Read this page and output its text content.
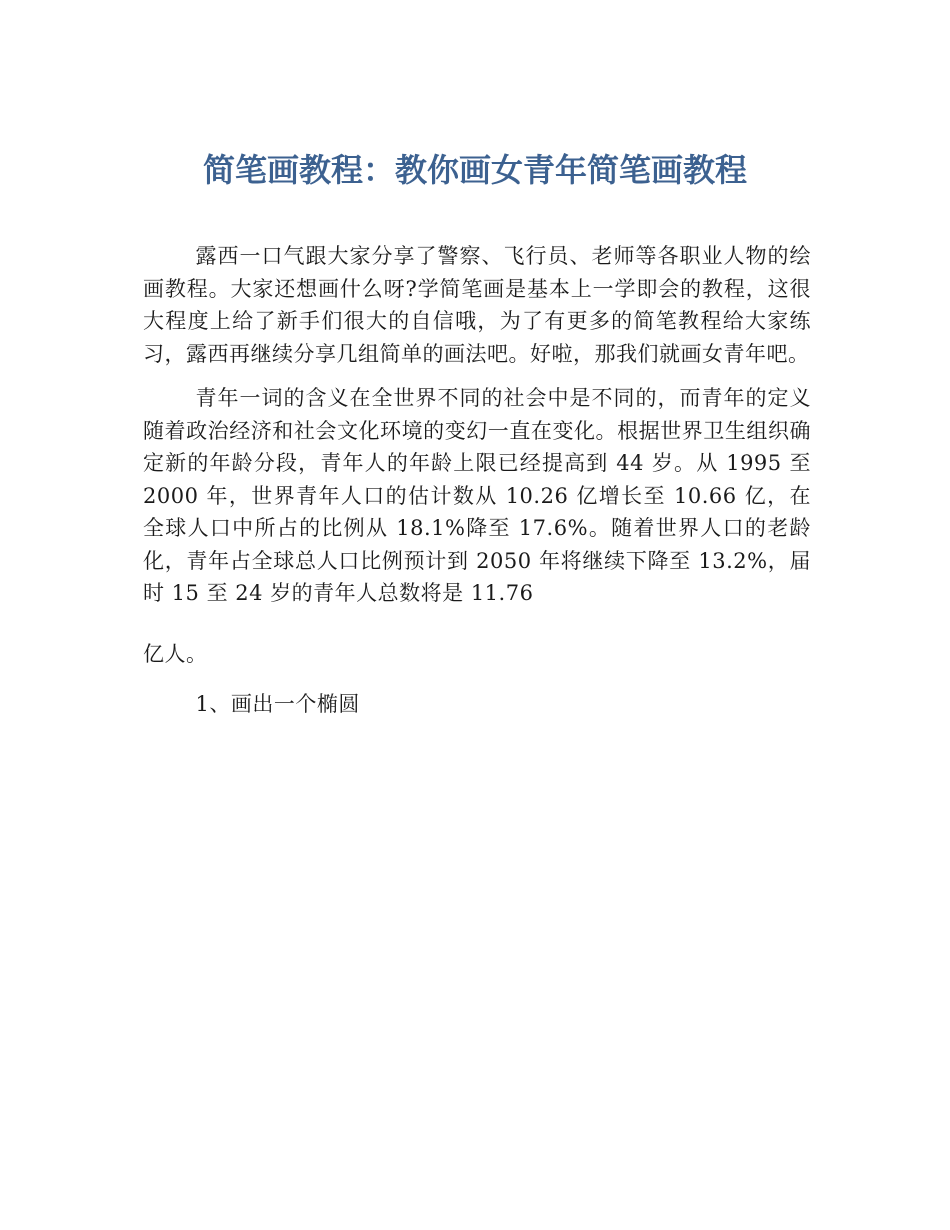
简笔画教程：教你画女青年简笔画教程

露西一口气跟大家分享了警察、飞行员、老师等各职业人物的绘画教程。大家还想画什么呀?学简笔画是基本上一学即会的教程，这很大程度上给了新手们很大的自信哦，为了有更多的简笔教程给大家练习，露西再继续分享几组简单的画法吧。好啦，那我们就画女青年吧。

青年一词的含义在全世界不同的社会中是不同的，而青年的定义随着政治经济和社会文化环境的变幻一直在变化。根据世界卫生组织确定新的年龄分段，青年人的年龄上限已经提高到 44 岁。从 1995 至 2000 年，世界青年人口的估计数从 10.26 亿增长至 10.66 亿，在全球人口中所占的比例从 18.1%降至 17.6%。随着世界人口的老龄化，青年占全球总人口比例预计到 2050 年将继续下降至 13.2%，届时 15 至 24 岁的青年人总数将是 11.76

亿人。

1、画出一个椭圆
